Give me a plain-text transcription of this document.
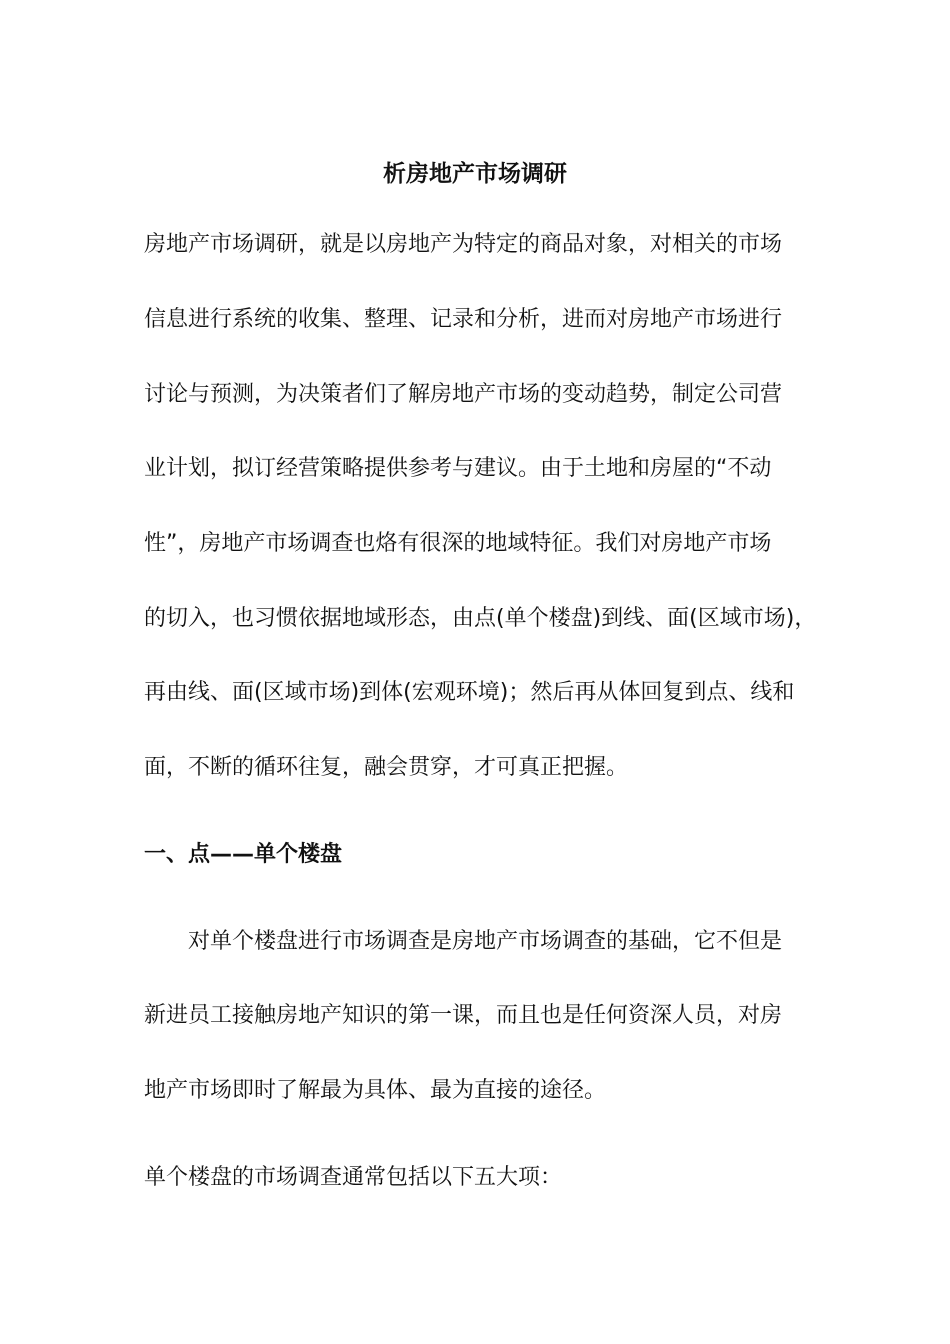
析房地产市场调研

房地产市场调研，就是以房地产为特定的商品对象，对相关的市场

信息进行系统的收集、整理、记录和分析，进而对房地产市场进行

讨论与预测，为决策者们了解房地产市场的变动趋势，制定公司营

业计划，拟订经营策略提供参考与建议。由于土地和房屋的“不动

性”，房地产市场调查也烙有很深的地域特征。我们对房地产市场

的切入，也习惯依据地域形态，由点(单个楼盘)到线、面(区域市场)，

再由线、面(区域市场)到体(宏观环境)；然后再从体回复到点、线和

面，不断的循环往复，融会贯穿，才可真正把握。

一、点——单个楼盘

对单个楼盘进行市场调查是房地产市场调查的基础，它不但是

新进员工接触房地产知识的第一课，而且也是任何资深人员，对房

地产市场即时了解最为具体、最为直接的途径。

单个楼盘的市场调查通常包括以下五大项：
